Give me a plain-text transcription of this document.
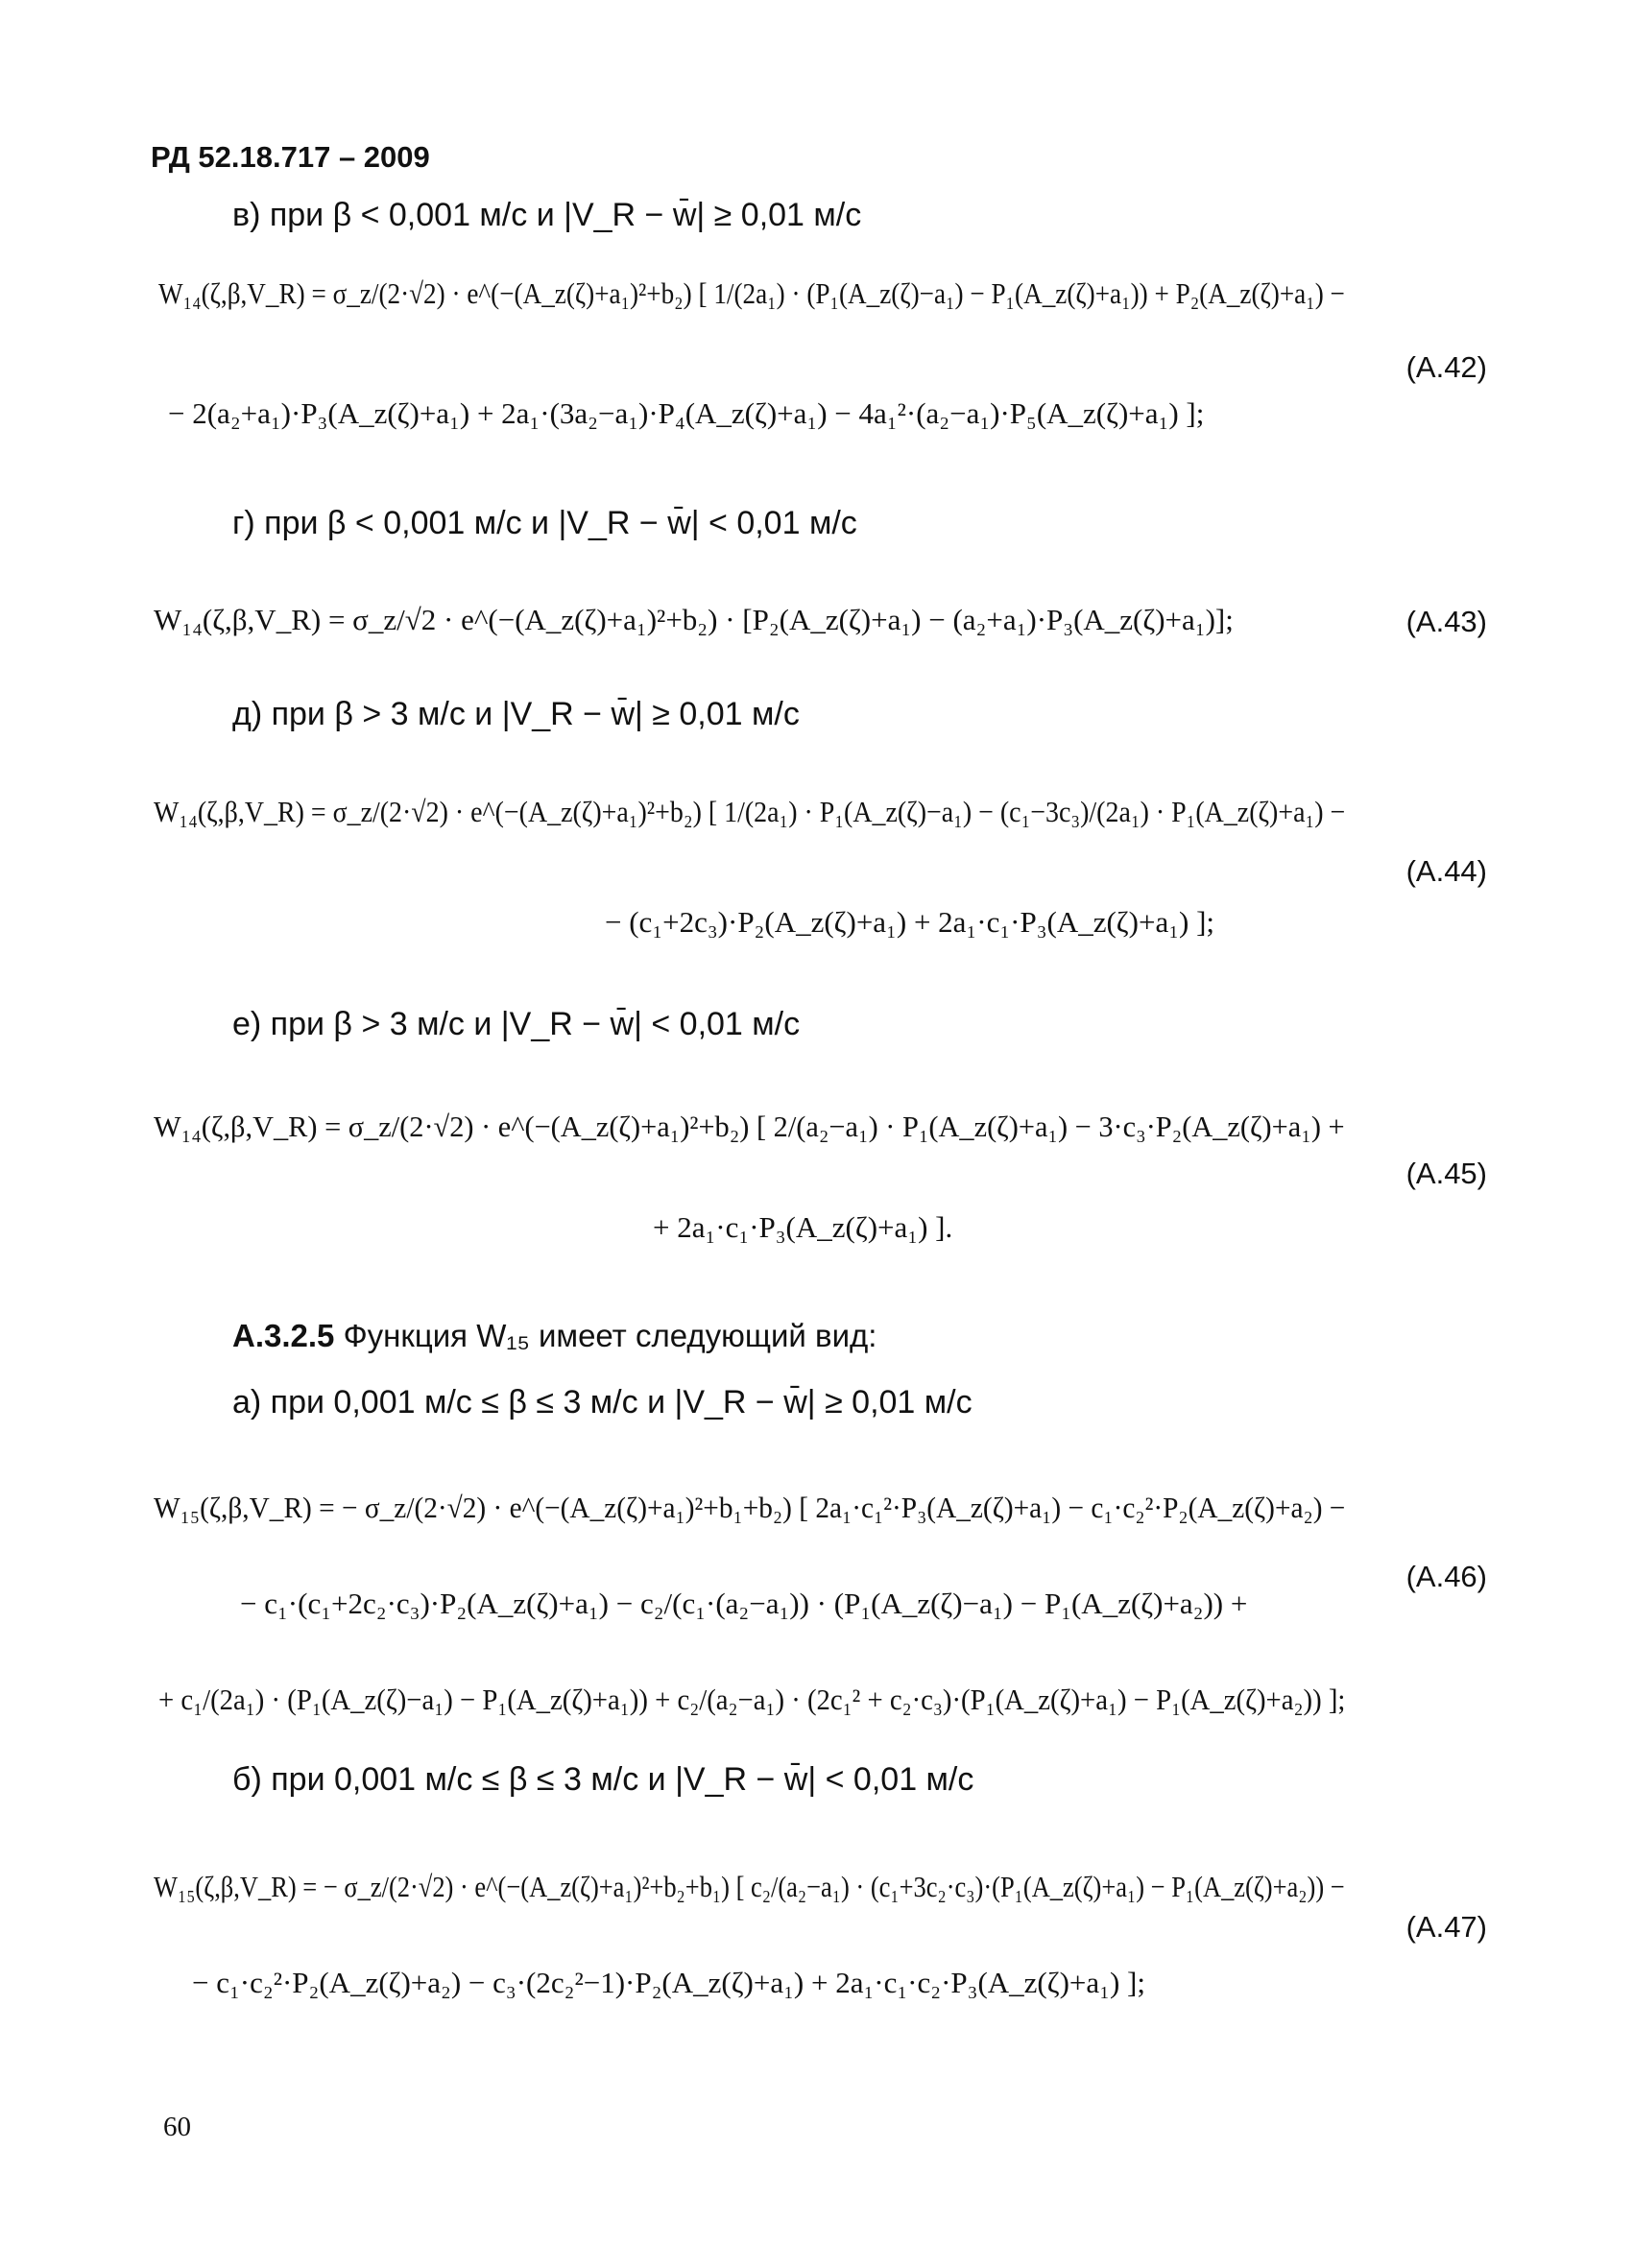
РД 52.18.717 – 2009
в) при β < 0,001 м/с и |V_R − w̄| ≥ 0,01 м/с
W₁₄(ζ,β,V_R) = σ_z/(2·√2) · e^(−(A_z(ζ)+a₁)²+b₂) [ 1/(2a₁) · (P₁(A_z(ζ)−a₁) − P₁(A_z(ζ)+a₁)) + P₂(A_z(ζ)+a₁) −
− 2(a₂+a₁)·P₃(A_z(ζ)+a₁) + 2a₁·(3a₂−a₁)·P₄(A_z(ζ)+a₁) − 4a₁²·(a₂−a₁)·P₅(A_z(ζ)+a₁) ];
(А.42)
г) при β < 0,001 м/с и |V_R − w̄| < 0,01 м/с
W₁₄(ζ,β,V_R) = σ_z/√2 · e^(−(A_z(ζ)+a₁)²+b₂) · [P₂(A_z(ζ)+a₁) − (a₂+a₁)·P₃(A_z(ζ)+a₁)];	(А.43)
д) при β > 3 м/с и |V_R − w̄| ≥ 0,01 м/с
W₁₄(ζ,β,V_R) = σ_z/(2·√2) · e^(−(A_z(ζ)+a₁)²+b₂) [ 1/(2a₁) · P₁(A_z(ζ)−a₁) − (c₁−3c₃)/(2a₁) · P₁(A_z(ζ)+a₁) −
− (c₁+2c₃)·P₂(A_z(ζ)+a₁) + 2a₁·c₁·P₃(A_z(ζ)+a₁) ];
(А.44)
е) при β > 3 м/с и |V_R − w̄| < 0,01 м/с
W₁₄(ζ,β,V_R) = σ_z/(2·√2) · e^(−(A_z(ζ)+a₁)²+b₂) [ 2/(a₂−a₁) · P₁(A_z(ζ)+a₁) − 3·c₃·P₂(A_z(ζ)+a₁) +
+ 2a₁·c₁·P₃(A_z(ζ)+a₁) ].
(А.45)
А.3.2.5 Функция W₁₅ имеет следующий вид:
а) при 0,001 м/с ≤ β ≤ 3 м/с и |V_R − w̄| ≥ 0,01 м/с
W₁₅(ζ,β,V_R) = − σ_z/(2·√2) · e^(−(A_z(ζ)+a₁)²+b₁+b₂) [ 2a₁·c₁²·P₃(A_z(ζ)+a₁) − c₁·c₂²·P₂(A_z(ζ)+a₂) −
− c₁·(c₁+2c₂·c₃)·P₂(A_z(ζ)+a₁) − c₂/(c₁·(a₂−a₁)) · (P₁(A_z(ζ)−a₁) − P₁(A_z(ζ)+a₂)) +
+ c₁/(2a₁) · (P₁(A_z(ζ)−a₁) − P₁(A_z(ζ)+a₁)) + c₂/(a₂−a₁) · (2c₁² + c₂·c₃)·(P₁(A_z(ζ)+a₁) − P₁(A_z(ζ)+a₂)) ];
(А.46)
б) при 0,001 м/с ≤ β ≤ 3 м/с и |V_R − w̄| < 0,01 м/с
W₁₅(ζ,β,V_R) = − σ_z/(2·√2) · e^(−(A_z(ζ)+a₁)²+b₂+b₁) [ c₂/(a₂−a₁) · (c₁+3c₂·c₃)·(P₁(A_z(ζ)+a₁) − P₁(A_z(ζ)+a₂)) −
− c₁·c₂²·P₂(A_z(ζ)+a₂) − c₃·(2c₂²−1)·P₂(A_z(ζ)+a₁) + 2a₁·c₁·c₂·P₃(A_z(ζ)+a₁) ];
(А.47)
60
